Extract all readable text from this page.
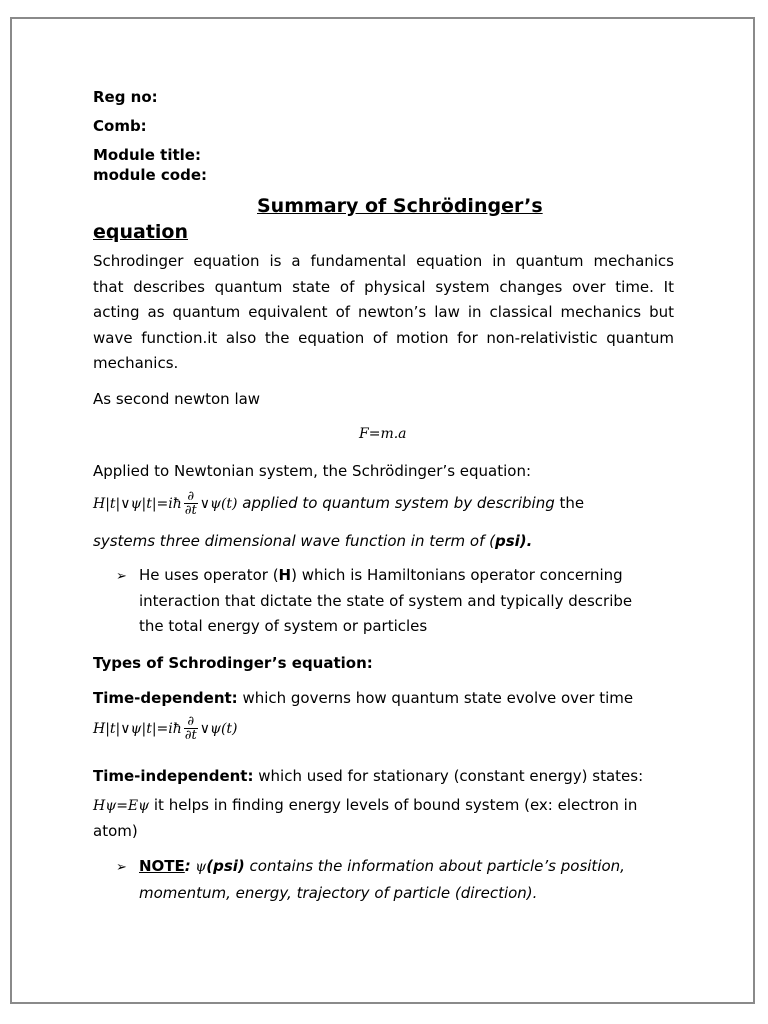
Reg no:
Comb:
Module title:
module code:
Summary of Schrödinger’s
equation
Schrodinger equation is a fundamental equation in quantum mechanics
that describes quantum state of physical system changes over time. It
acting as quantum equivalent of newton’s law in classical mechanics but
wave function.it also the equation of motion for non-relativistic quantum
mechanics.
As second newton law
F=m.a
Applied to Newtonian system, the Schrödinger’s equation:
H|t|∨ψ|t|=iħ $\frac{\partial}{\partial t}$ ∨ψ(t) applied to quantum system by describing the
systems three dimensional wave function in term of (psi).
➢ He uses operator (H) which is Hamiltonians operator concerning
interaction that dictate the state of system and typically describe
the total energy of system or particles
Types of Schrodinger’s equation:
Time-dependent: which governs how quantum state evolve over time
H|t|∨ψ|t|=iħ $\frac{\partial}{\partial t}$ ∨ψ(t)
Time-independent: which used for stationary (constant energy) states:
Hψ=Eψ it helps in finding energy levels of bound system (ex: electron in
atom)
➢ NOTE: ψ(psi) contains the information about particle’s position,
momentum, energy, trajectory of particle (direction).
